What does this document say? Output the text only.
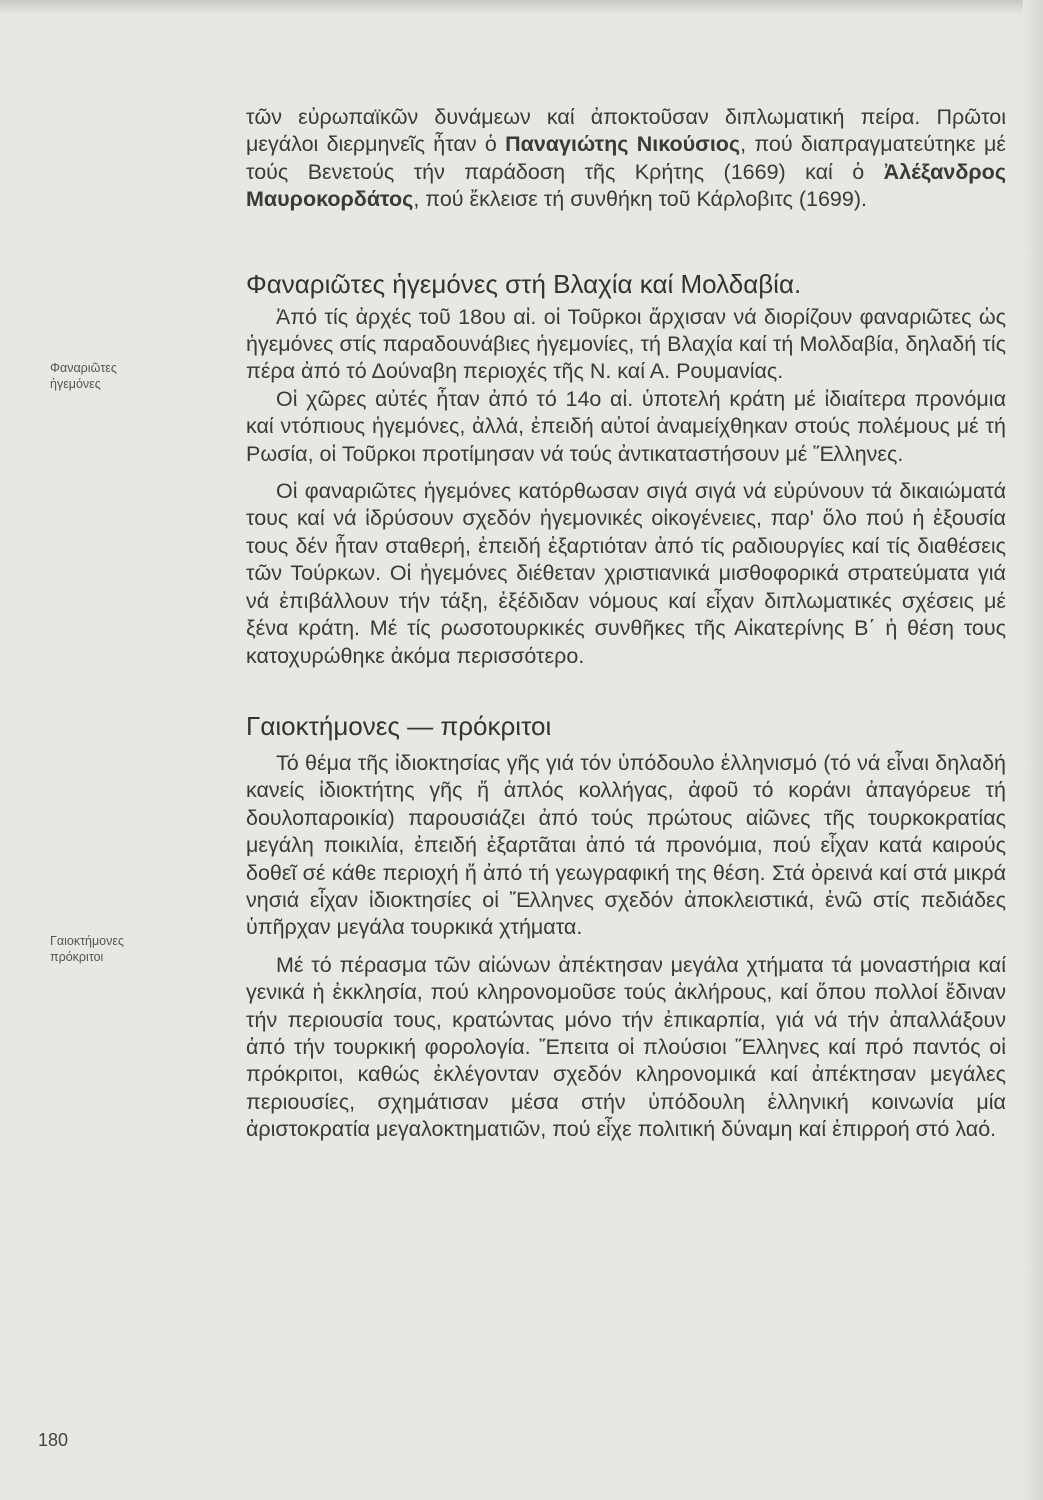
Φαναριῶτες
ἡγεμόνες
Γαιοκτήμονες
πρόκριτοι

τῶν εὐρωπαϊκῶν δυνάμεων καί ἀποκτοῦσαν διπλωματική πείρα. Πρῶτοι μεγάλοι διερμηνεῖς ἦταν ὁ Παναγιώτης Νικούσιος, πού διαπραγματεύτηκε μέ τούς Βενετούς τήν παράδοση τῆς Κρήτης (1669) καί ὁ Ἀλέξανδρος Μαυροκορδάτος, πού ἔκλεισε τή συνθήκη τοῦ Κάρλοβιτς (1699).

Φαναριῶτες ἡγεμόνες στή Βλαχία καί Μολδαβία.

Ἀπό τίς ἀρχές τοῦ 18ου αἰ. οἱ Τοῦρκοι ἄρχισαν νά διορίζουν φαναριῶτες ὡς ἡγεμόνες στίς παραδουνάβιες ἡγεμονίες, τή Βλαχία καί τή Μολδαβία, δηλαδή τίς πέρα ἀπό τό Δούναβη περιοχές τῆς Ν. καί Α. Ρουμανίας.

Οἱ χῶρες αὐτές ἦταν ἀπό τό 14ο αἰ. ὑποτελή κράτη μέ ἰδιαίτερα προνόμια καί ντόπιους ἡγεμόνες, ἀλλά, ἐπειδή αὐτοί ἀναμείχθηκαν στούς πολέμους μέ τή Ρωσία, οἱ Τοῦρκοι προτίμησαν νά τούς ἀντικαταστήσουν μέ Ἕλληνες.

Οἱ φαναριῶτες ἡγεμόνες κατόρθωσαν σιγά σιγά νά εὐρύνουν τά δικαιώματά τους καί νά ἱδρύσουν σχεδόν ἡγεμονικές οἰκογένειες, παρ' ὅλο πού ἡ ἐξουσία τους δέν ἦταν σταθερή, ἐπειδή ἐξαρτιόταν ἀπό τίς ραδιουργίες καί τίς διαθέσεις τῶν Τούρκων. Οἱ ἡγεμόνες διέθεταν χριστιανικά μισθοφορικά στρατεύματα γιά νά ἐπιβάλλουν τήν τάξη, ἐξέδιδαν νόμους καί εἶχαν διπλωματικές σχέσεις μέ ξένα κράτη. Μέ τίς ρωσοτουρκικές συνθῆκες τῆς Αἰκατερίνης Β΄ ἡ θέση τους κατοχυρώθηκε ἀκόμα περισσότερο.

Γαιοκτήμονες — πρόκριτοι

Τό θέμα τῆς ἰδιοκτησίας γῆς γιά τόν ὑπόδουλο ἑλληνισμό (τό νά εἶναι δηλαδή κανείς ἰδιοκτήτης γῆς ἤ ἁπλός κολλήγας, ἀφοῦ τό κοράνι ἀπαγόρευε τή δουλοπαροικία) παρουσιάζει ἀπό τούς πρώτους αἰῶνες τῆς τουρκοκρατίας μεγάλη ποικιλία, ἐπειδή ἐξαρτᾶται ἀπό τά προνόμια, πού εἶχαν κατά καιρούς δοθεῖ σέ κάθε περιοχή ἤ ἀπό τή γεωγραφική της θέση. Στά ὀρεινά καί στά μικρά νησιά εἶχαν ἰδιοκτησίες οἱ Ἕλληνες σχεδόν ἀποκλειστικά, ἐνῶ στίς πεδιάδες ὑπῆρχαν μεγάλα τουρκικά χτήματα.

Μέ τό πέρασμα τῶν αἰώνων ἀπέκτησαν μεγάλα χτήματα τά μοναστήρια καί γενικά ἡ ἐκκλησία, πού κληρονομοῦσε τούς ἀκλήρους, καί ὅπου πολλοί ἔδιναν τήν περιουσία τους, κρατώντας μόνο τήν ἐπικαρπία, γιά νά τήν ἀπαλλάξουν ἀπό τήν τουρκική φορολογία. Ἔπειτα οἱ πλούσιοι Ἕλληνες καί πρό παντός οἱ πρόκριτοι, καθώς ἐκλέγονταν σχεδόν κληρονομικά καί ἀπέκτησαν μεγάλες περιουσίες, σχημάτισαν μέσα στήν ὑπόδουλη ἑλληνική κοινωνία μία ἀριστοκρατία μεγαλοκτηματιῶν, πού εἶχε πολιτική δύναμη καί ἐπιρροή στό λαό.

180
